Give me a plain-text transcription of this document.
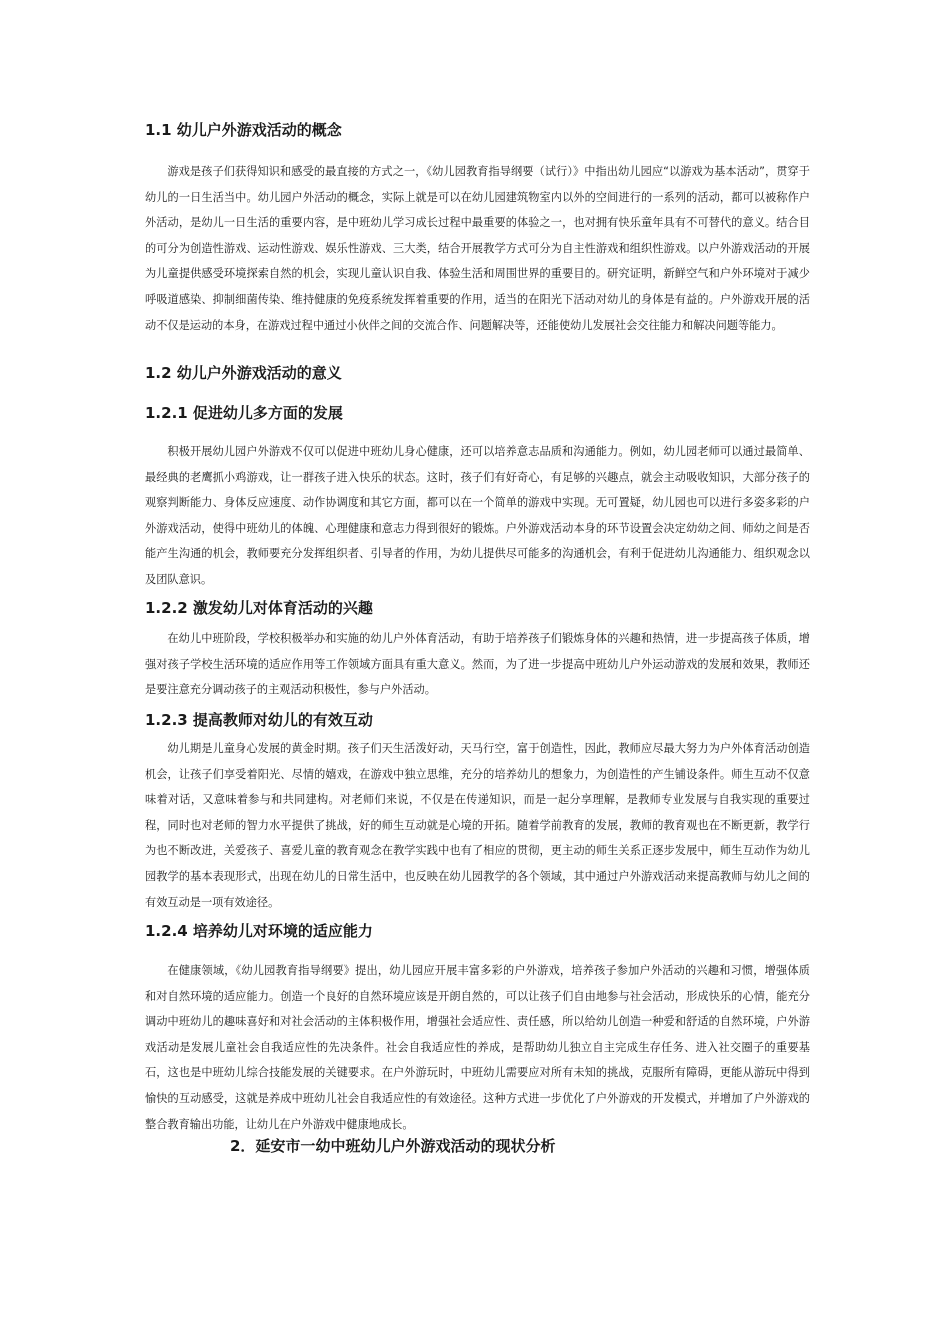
1.1 幼儿户外游戏活动的概念

游戏是孩子们获得知识和感受的最直接的方式之一，《幼儿园教育指导纲要（试行）》中指出幼儿园应“以游戏为基本活动”，贯穿于幼儿的一日生活当中。幼儿园户外活动的概念，实际上就是可以在幼儿园建筑物室内以外的空间进行的一系列的活动，都可以被称作户外活动，是幼儿一日生活的重要内容，是中班幼儿学习成长过程中最重要的体验之一，也对拥有快乐童年具有不可替代的意义。结合目的可分为创造性游戏、运动性游戏、娱乐性游戏、三大类，结合开展教学方式可分为自主性游戏和组织性游戏。以户外游戏活动的开展为儿童提供感受环境探索自然的机会，实现儿童认识自我、体验生活和周围世界的重要目的。研究证明，新鲜空气和户外环境对于减少呼吸道感染、抑制细菌传染、维持健康的免疫系统发挥着重要的作用，适当的在阳光下活动对幼儿的身体是有益的。户外游戏开展的活动不仅是运动的本身，在游戏过程中通过小伙伴之间的交流合作、问题解决等，还能使幼儿发展社会交往能力和解决问题等能力。

1.2 幼儿户外游戏活动的意义
1.2.1 促进幼儿多方面的发展

积极开展幼儿园户外游戏不仅可以促进中班幼儿身心健康，还可以培养意志品质和沟通能力。例如，幼儿园老师可以通过最简单、最经典的老鹰抓小鸡游戏，让一群孩子进入快乐的状态。这时，孩子们有好奇心，有足够的兴趣点，就会主动吸收知识，大部分孩子的观察判断能力、身体反应速度、动作协调度和其它方面，都可以在一个简单的游戏中实现。无可置疑，幼儿园也可以进行多姿多彩的户外游戏活动，使得中班幼儿的体魄、心理健康和意志力得到很好的锻炼。户外游戏活动本身的环节设置会决定幼幼之间、师幼之间是否能产生沟通的机会，教师要充分发挥组织者、引导者的作用，为幼儿提供尽可能多的沟通机会，有利于促进幼儿沟通能力、组织观念以及团队意识。

1.2.2 激发幼儿对体育活动的兴趣

在幼儿中班阶段，学校积极举办和实施的幼儿户外体育活动，有助于培养孩子们锻炼身体的兴趣和热情，进一步提高孩子体质，增强对孩子学校生活环境的适应作用等工作领域方面具有重大意义。然而，为了进一步提高中班幼儿户外运动游戏的发展和效果，教师还是要注意充分调动孩子的主观活动积极性，参与户外活动。

1.2.3 提高教师对幼儿的有效互动

幼儿期是儿童身心发展的黄金时期。孩子们天生活泼好动，天马行空，富于创造性，因此，教师应尽最大努力为户外体育活动创造机会，让孩子们享受着阳光、尽情的嬉戏，在游戏中独立思维，充分的培养幼儿的想象力，为创造性的产生铺设条件。师生互动不仅意味着对话，又意味着参与和共同建构。对老师们来说，不仅是在传递知识，而是一起分享理解，是教师专业发展与自我实现的重要过程，同时也对老师的智力水平提供了挑战，好的师生互动就是心境的开拓。随着学前教育的发展，教师的教育观也在不断更新，教学行为也不断改进，关爱孩子、喜爱儿童的教育观念在教学实践中也有了相应的贯彻，更主动的师生关系正逐步发展中，师生互动作为幼儿园教学的基本表现形式，出现在幼儿的日常生活中，也反映在幼儿园教学的各个领域，其中通过户外游戏活动来提高教师与幼儿之间的有效互动是一项有效途径。

1.2.4 培养幼儿对环境的适应能力

在健康领域，《幼儿园教育指导纲要》提出，幼儿园应开展丰富多彩的户外游戏，培养孩子参加户外活动的兴趣和习惯，增强体质和对自然环境的适应能力。创造一个良好的自然环境应该是开朗自然的，可以让孩子们自由地参与社会活动，形成快乐的心情，能充分调动中班幼儿的趣味喜好和对社会活动的主体积极作用，增强社会适应性、责任感，所以给幼儿创造一种爱和舒适的自然环境，户外游戏活动是发展儿童社会自我适应性的先决条件。社会自我适应性的养成，是帮助幼儿独立自主完成生存任务、进入社交圈子的重要基石，这也是中班幼儿综合技能发展的关键要求。在户外游玩时，中班幼儿需要应对所有未知的挑战，克服所有障碍，更能从游玩中得到愉快的互动感受，这就是养成中班幼儿社会自我适应性的有效途径。这种方式进一步优化了户外游戏的开发模式，并增加了户外游戏的整合教育输出功能，让幼儿在户外游戏中健康地成长。

2．延安市一幼中班幼儿户外游戏活动的现状分析
